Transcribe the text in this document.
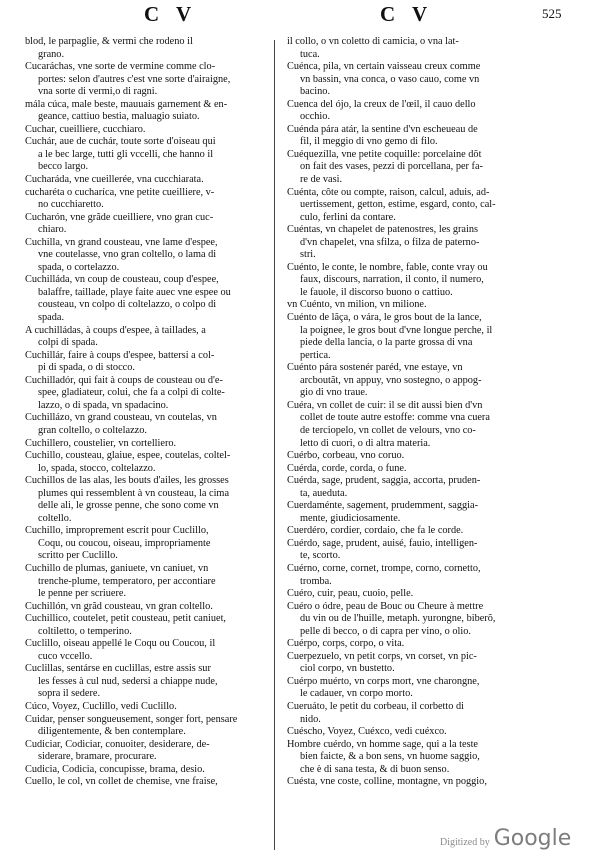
C V	C V	525
blod, le parpaglie, & vermi che rodeno il
grano.
Cucaráchas, vne sorte de vermine comme clo-
portes: selon d'autres c'est vne sorte d'airaigne,
vna sorte di vermi,o di ragni.
mála cúca, male beste, mauuais garnement & en-
geance, cattiuo bestia, maluagio suiato.
Cuchar, cueilliere, cucchiaro.
Cuchár, aue de cuchár, toute sorte d'oiseau qui
a le bec large, tutti gli vccelli, che hanno il
becco largo.
Cucharáda, vne cueillerée, vna cucchiarata.
cucharéta o cucharíca, vne petite cueilliere, v-
no cucchiaretto.
Cucharón, vne grãde cueilliere, vno gran cuc-
chiaro.
Cuchilla, vn grand cousteau, vne lame d'espee,
vne coutelasse, vno gran coltello, o lama di
spada, o cortelazzo.
Cuchilláda, vn coup de cousteau, coup d'espee,
balaffre, taillade, playe faite auec vne espee ou
cousteau, vn colpo di coltelazzo, o colpo di
spada.
A cuchilládas, à coups d'espee, à taillades, a
colpi di spada.
Cuchillár, faire à coups d'espee, battersi a col-
pi di spada, o di stocco.
Cuchilladór, qui fait à coups de cousteau ou d'e-
spee, gladiateur, colui, che fa a colpi di colte-
lazzo, o di spada, vn spadacino.
Cuchillázo, vn grand cousteau, vn coutelas, vn
gran coltello, o coltelazzo.
Cuchillero, coustelier, vn cortelliero.
Cuchillo, cousteau, glaiue, espee, coutelas, coltel-
lo, spada, stocco, coltelazzo.
Cuchillos de las alas, les bouts d'ailes, les grosses
plumes qui ressemblent à vn cousteau, la cima
delle ali, le grosse penne, che sono come vn
coltello.
Cuchillo, improprement escrit pour Cuclillo,
Coqu, ou coucou, oiseau, impropriamente
scritto per Cuclillo.
Cuchillo de plumas, ganiuete, vn caniuet, vn
trenche-plume, temperatoro, per accontiare
le penne per scriuere.
Cuchillón, vn grãd cousteau, vn gran coltello.
Cuchillico, coutelet, petit cousteau, petit caniuet,
coltiletto, o temperino.
Cuclillo, oiseau appellé le Coqu ou Coucou, il
cuco vccello.
Cuclillas, sentárse en cuclillas, estre assis sur
les fesses à cul nud, sedersi a chiappe nude,
sopra il sedere.
Cúco, Voyez, Cuclillo, vedi Cuclillo.
Cuidar, penser songueusement, songer fort, pensare
diligentemente, & ben contemplare.
Cudiciar, Codiciar, conuoiter, desiderare, de-
siderare, bramare, procurare.
Cudicia, Codicia, concupisse, brama, desio.
Cuello, le col, vn collet de chemise, vne fraise,
il collo, o vn coletto di camicia, o vna lat-
tuca.
Cuénca, pila, vn certain vaisseau creux comme
vn bassin, vna conca, o vaso cauo, come vn
bacino.
Cuenca del ójo, la creux de l'œil, il cauo dello
occhio.
Cuénda pára atár, la sentine d'vn escheueau de
fil, il meggio di vno gemo di filo.
Cuéquezílla, vne petite coquille: porcelaine dõt
on fait des vases, pezzi di porcellana, per fa-
re de vasi.
Cuénta, côte ou compte, raison, calcul, aduis, ad-
uertissement, getton, estime, esgard, conto, cal-
culo, ferlini da contare.
Cuéntas, vn chapelet de patenostres, les grains
d'vn chapelet, vna sfilza, o filza de paterno-
stri.
Cuénto, le conte, le nombre, fable, conte vray ou
faux, discours, narration, il conto, il numero,
le fauole, il discorso buono o cattiuo.
vn Cuénto, vn milion, vn milione.
Cuénto de lãça, o vára, le gros bout de la lance,
la poignee, le gros bout d'vne longue perche, il
piede della lancia, o la parte grossa di vna
pertica.
Cuénto pára sostenér paréd, vne estaye, vn
arcboutãt, vn appuy, vno sostegno, o appog-
gio di vno traue.
Cuéra, vn collet de cuir: il se dit aussi bien d'vn
collet de toute autre estoffe: comme vna cuera
de terciopelo, vn collet de velours, vno co-
letto di cuori, o di altra materia.
Cuérbo, corbeau, vno coruo.
Cuérda, corde, corda, o fune.
Cuérda, sage, prudent, saggia, accorta, pruden-
ta, aueduta.
Cuerdaménte, sagement, prudemment, saggia-
mente, giudiciosamente.
Cuerdéro, cordier, cordaio, che fa le corde.
Cuérdo, sage, prudent, auisé, fauio, intelligen-
te, scorto.
Cuérno, corne, cornet, trompe, corno, cornetto,
tromba.
Cuéro, cuir, peau, cuoio, pelle.
Cuéro o ódre, peau de Bouc ou Cheure à mettre
du vin ou de l'huille, metaph. yurongne, biberõ,
pelle di becco, o di capra per vino, o olio.
Cuérpo, corps, corpo, o vita.
Cuerpezuelo, vn petit corps, vn corset, vn pic-
ciol corpo, vn bustetto.
Cuérpo muérto, vn corps mort, vne charongne,
le cadauer, vn corpo morto.
Cueruáto, le petit du corbeau, il corbetto di
nido.
Cuéscho, Voyez, Cuéxco, vedi cuéxco.
Hombre cuérdo, vn homme sage, qui a la teste
bien faicte, & a bon sens, vn huome saggio,
che è di sana testa, & di buon senso.
Cuésta, vne coste, colline, montagne, vn poggio,
Digitized by Google
